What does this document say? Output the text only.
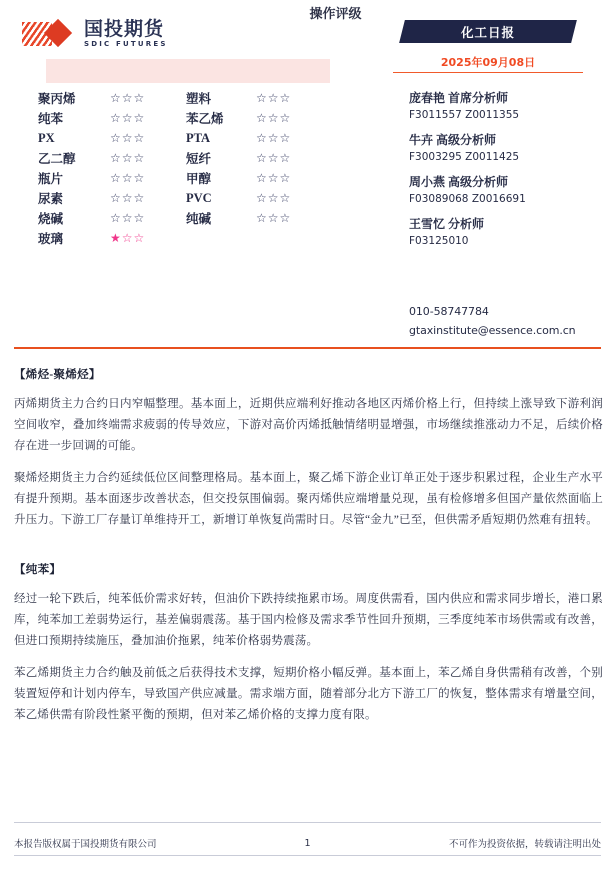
国投期货
SDIC FUTURES
操作评级
聚丙烯	☆☆☆	塑料	☆☆☆
纯苯	☆☆☆	苯乙烯	☆☆☆
PX	☆☆☆	PTA	☆☆☆
乙二醇	☆☆☆	短纤	☆☆☆
瓶片	☆☆☆	甲醇	☆☆☆
尿素	☆☆☆	PVC	☆☆☆
烧碱	☆☆☆	纯碱	☆☆☆
玻璃	★☆☆		
化工日报
2025年09月08日
庞春艳 首席分析师
F3011557 Z0011355
牛卉 高级分析师
F3003295 Z0011425
周小燕 高级分析师
F03089068 Z0016691
王雪忆 分析师
F03125010
010-58747784
gtaxinstitute@essence.com.cn
【烯烃-聚烯烃】

丙烯期货主力合约日内窄幅整理。基本面上，近期供应端利好推动各地区丙烯价格上行，但持续上涨导致下游利润空间收窄，叠加终端需求疲弱的传导效应，下游对高价丙烯抵触情绪明显增强，市场继续推涨动力不足，后续价格存在进一步回调的可能。

聚烯烃期货主力合约延续低位区间整理格局。基本面上，聚乙烯下游企业订单正处于逐步积累过程，企业生产水平有提升预期。基本面逐步改善状态，但交投氛围偏弱。聚丙烯供应端增量兑现，虽有检修增多但国产量依然面临上升压力。下游工厂存量订单维持开工，新增订单恢复尚需时日。尽管“金九”已至，但供需矛盾短期仍然难有扭转。

【纯苯】

经过一轮下跌后，纯苯低价需求好转，但油价下跌持续拖累市场。周度供需看，国内供应和需求同步增长，港口累库，纯苯加工差弱势运行，基差偏弱震荡。基于国内检修及需求季节性回升预期，三季度纯苯市场供需或有改善，但进口预期持续施压，叠加油价拖累，纯苯价格弱势震荡。

苯乙烯期货主力合约触及前低之后获得技术支撑，短期价格小幅反弹。基本面上，苯乙烯自身供需稍有改善，个别装置短停和计划内停车，导致国产供应减量。需求端方面，随着部分北方下游工厂的恢复，整体需求有增量空间，苯乙烯供需有阶段性紧平衡的预期，但对苯乙烯价格的支撑力度有限。

本报告版权属于国投期货有限公司	1	不可作为投资依据，转载请注明出处
